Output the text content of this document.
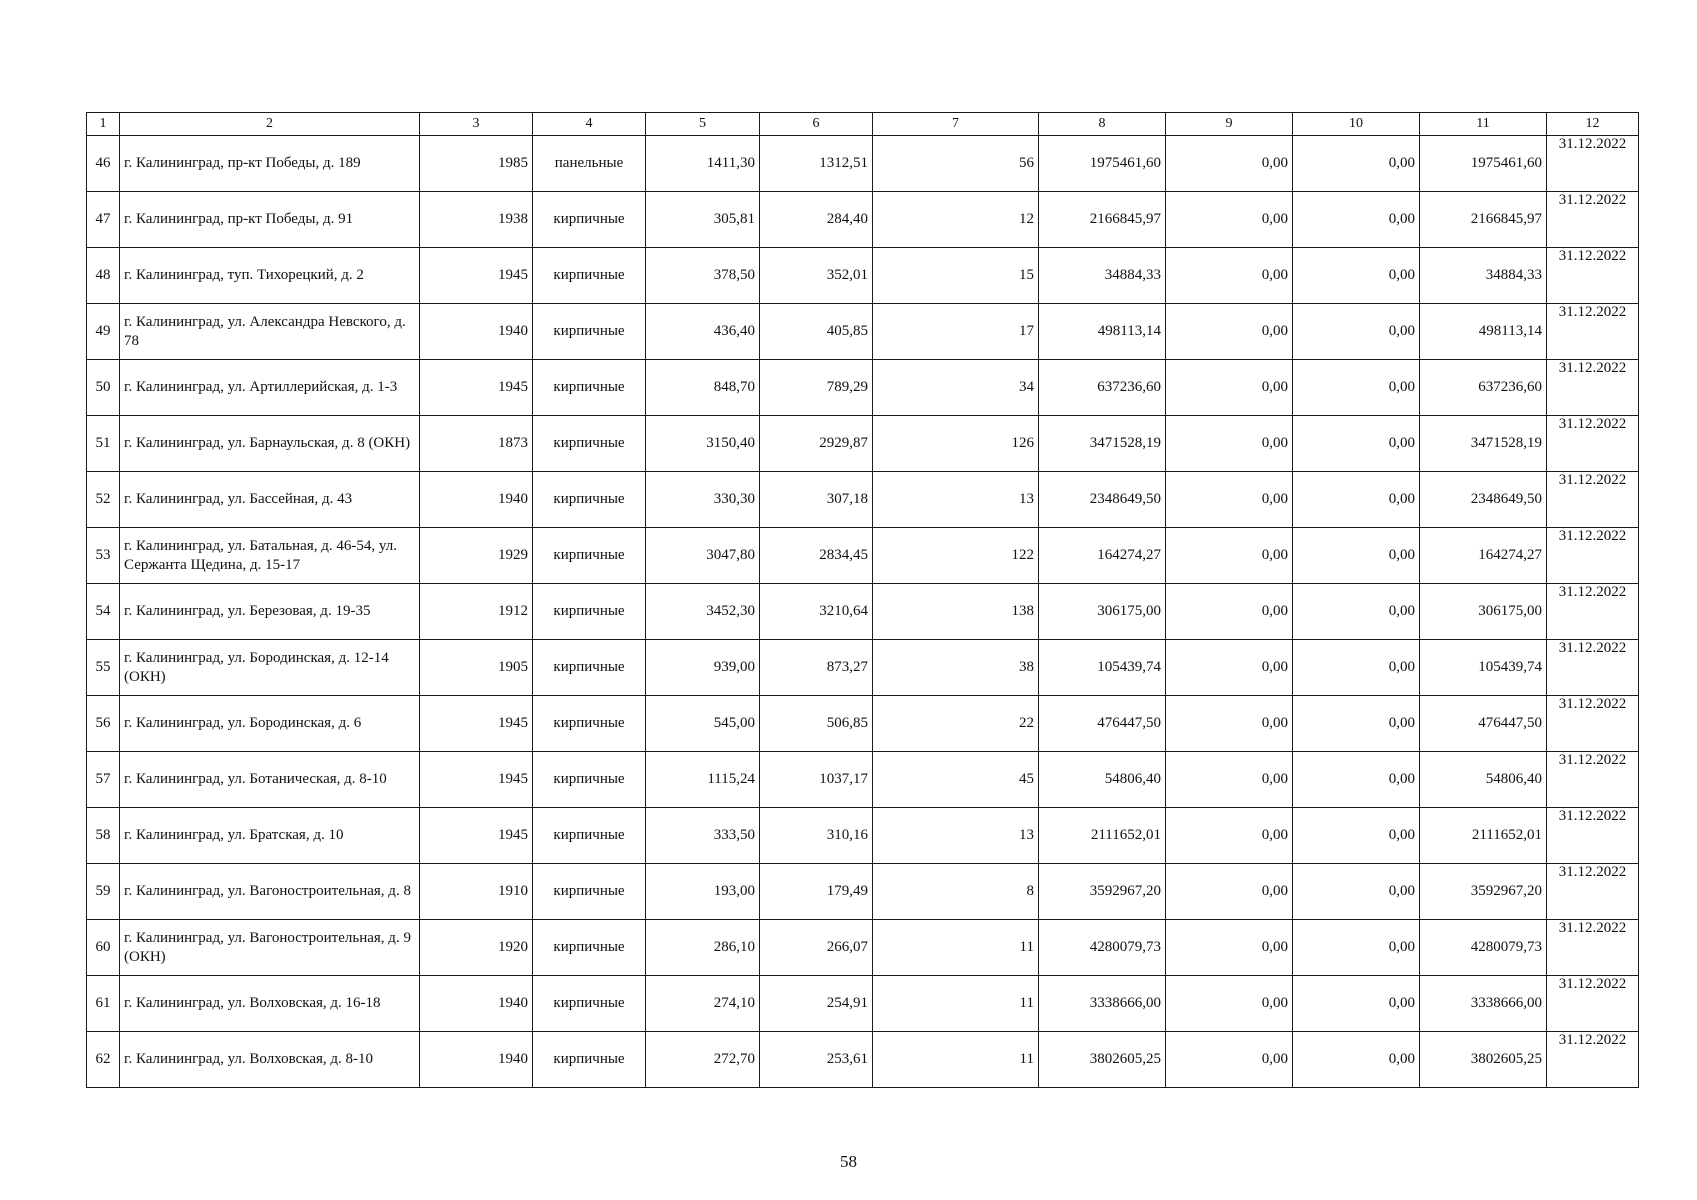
1	2	3	4	5	6	7	8	9	10	11	12
46	г. Калининград, пр-кт Победы, д. 189	1985	панельные	1411,30	1312,51	56	1975461,60	0,00	0,00	1975461,60	31.12.2022
47	г. Калининград, пр-кт Победы, д. 91	1938	кирпичные	305,81	284,40	12	2166845,97	0,00	0,00	2166845,97	31.12.2022
48	г. Калининград, туп. Тихорецкий, д. 2	1945	кирпичные	378,50	352,01	15	34884,33	0,00	0,00	34884,33	31.12.2022
49	г. Калининград, ул. Александра Невского, д. 78	1940	кирпичные	436,40	405,85	17	498113,14	0,00	0,00	498113,14	31.12.2022
50	г. Калининград, ул. Артиллерийская, д. 1-3	1945	кирпичные	848,70	789,29	34	637236,60	0,00	0,00	637236,60	31.12.2022
51	г. Калининград, ул. Барнаульская, д. 8 (ОКН)	1873	кирпичные	3150,40	2929,87	126	3471528,19	0,00	0,00	3471528,19	31.12.2022
52	г. Калининград, ул. Бассейная, д. 43	1940	кирпичные	330,30	307,18	13	2348649,50	0,00	0,00	2348649,50	31.12.2022
53	г. Калининград, ул. Батальная, д. 46-54, ул. Сержанта Щедина, д. 15-17	1929	кирпичные	3047,80	2834,45	122	164274,27	0,00	0,00	164274,27	31.12.2022
54	г. Калининград, ул. Березовая, д. 19-35	1912	кирпичные	3452,30	3210,64	138	306175,00	0,00	0,00	306175,00	31.12.2022
55	г. Калининград, ул. Бородинская, д. 12-14 (ОКН)	1905	кирпичные	939,00	873,27	38	105439,74	0,00	0,00	105439,74	31.12.2022
56	г. Калининград, ул. Бородинская, д. 6	1945	кирпичные	545,00	506,85	22	476447,50	0,00	0,00	476447,50	31.12.2022
57	г. Калининград, ул. Ботаническая, д. 8-10	1945	кирпичные	1115,24	1037,17	45	54806,40	0,00	0,00	54806,40	31.12.2022
58	г. Калининград, ул. Братская, д. 10	1945	кирпичные	333,50	310,16	13	2111652,01	0,00	0,00	2111652,01	31.12.2022
59	г. Калининград, ул. Вагоностроительная, д. 8	1910	кирпичные	193,00	179,49	8	3592967,20	0,00	0,00	3592967,20	31.12.2022
60	г. Калининград, ул. Вагоностроительная, д. 9 (ОКН)	1920	кирпичные	286,10	266,07	11	4280079,73	0,00	0,00	4280079,73	31.12.2022
61	г. Калининград, ул. Волховская, д. 16-18	1940	кирпичные	274,10	254,91	11	3338666,00	0,00	0,00	3338666,00	31.12.2022
62	г. Калининград, ул. Волховская, д. 8-10	1940	кирпичные	272,70	253,61	11	3802605,25	0,00	0,00	3802605,25	31.12.2022
58
